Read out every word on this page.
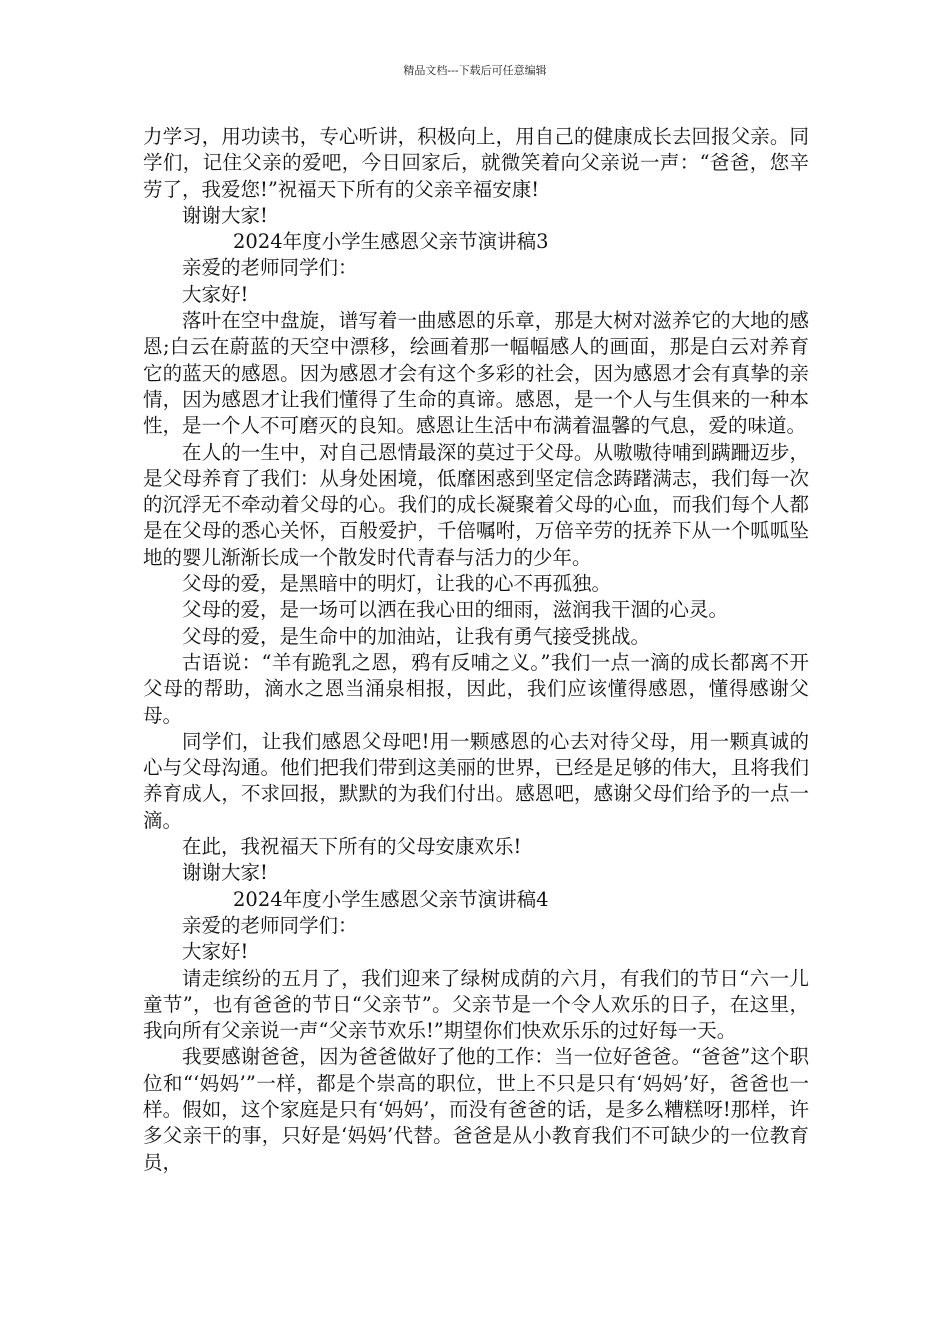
精品文档---下载后可任意编辑

力学习，用功读书，专心听讲，积极向上，用自己的健康成长去回报父亲。同学们，记住父亲的爱吧，今日回家后，就微笑着向父亲说一声：“爸爸，您辛劳了，我爱您!”祝福天下所有的父亲辛福安康!

谢谢大家!

2024年度小学生感恩父亲节演讲稿3

亲爱的老师同学们：

大家好!

落叶在空中盘旋，谱写着一曲感恩的乐章，那是大树对滋养它的大地的感恩;白云在蔚蓝的天空中漂移，绘画着那一幅幅感人的画面，那是白云对养育它的蓝天的感恩。因为感恩才会有这个多彩的社会，因为感恩才会有真挚的亲情，因为感恩才让我们懂得了生命的真谛。感恩，是一个人与生俱来的一种本性，是一个人不可磨灭的良知。感恩让生活中布满着温馨的气息，爱的味道。

在人的一生中，对自己恩情最深的莫过于父母。从嗷嗷待哺到蹒跚迈步，是父母养育了我们：从身处困境，低靡困惑到坚定信念踌躇满志，我们每一次的沉浮无不牵动着父母的心。我们的成长凝聚着父母的心血，而我们每个人都是在父母的悉心关怀，百般爱护，千倍嘱咐，万倍辛劳的抚养下从一个呱呱坠地的婴儿渐渐长成一个散发时代青春与活力的少年。

父母的爱，是黑暗中的明灯，让我的心不再孤独。

父母的爱，是一场可以洒在我心田的细雨，滋润我干涸的心灵。

父母的爱，是生命中的加油站，让我有勇气接受挑战。

古语说：“羊有跪乳之恩，鸦有反哺之义。”我们一点一滴的成长都离不开父母的帮助，滴水之恩当涌泉相报，因此，我们应该懂得感恩，懂得感谢父母。

同学们，让我们感恩父母吧!用一颗感恩的心去对待父母，用一颗真诚的心与父母沟通。他们把我们带到这美丽的世界，已经是足够的伟大，且将我们养育成人，不求回报，默默的为我们付出。感恩吧，感谢父母们给予的一点一滴。

在此，我祝福天下所有的父母安康欢乐!

谢谢大家!

2024年度小学生感恩父亲节演讲稿4

亲爱的老师同学们：

大家好!

请走缤纷的五月了，我们迎来了绿树成荫的六月，有我们的节日“六一儿童节”，也有爸爸的节日“父亲节”。父亲节是一个令人欢乐的日子，在这里，我向所有父亲说一声“父亲节欢乐!”期望你们快欢乐乐的过好每一天。

我要感谢爸爸，因为爸爸做好了他的工作：当一位好爸爸。“爸爸”这个职位和“‘妈妈’”一样，都是个崇高的职位，世上不只是只有‘妈妈’好，爸爸也一样。假如，这个家庭是只有‘妈妈’，而没有爸爸的话，是多么糟糕呀!那样，许多父亲干的事，只好是‘妈妈’代替。爸爸是从小教育我们不可缺少的一位教育员，
